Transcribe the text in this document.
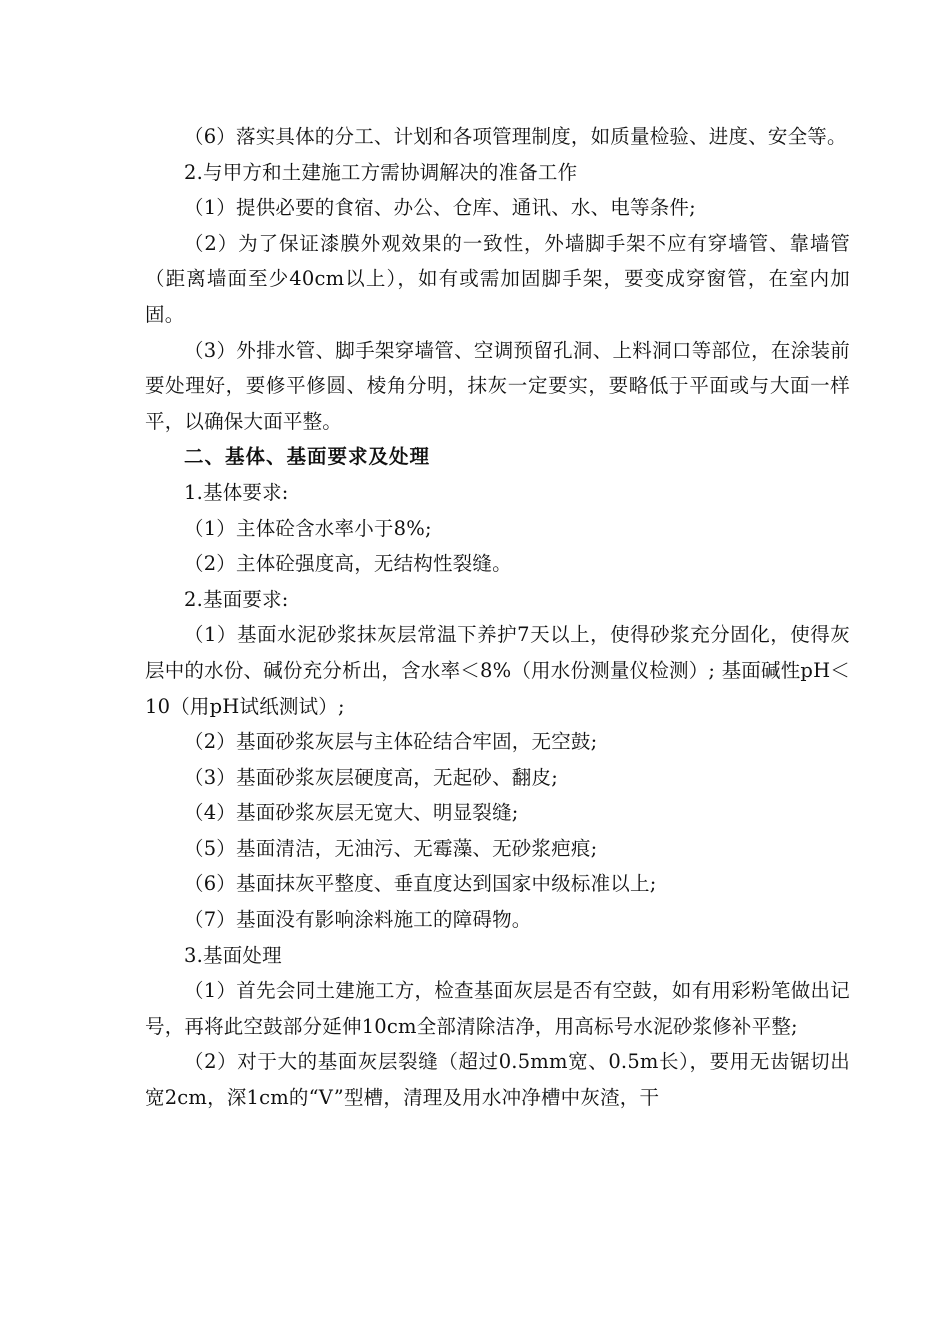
（6）落实具体的分工、计划和各项管理制度，如质量检验、进度、安全等。

2.与甲方和土建施工方需协调解决的准备工作

（1）提供必要的食宿、办公、仓库、通讯、水、电等条件;

（2）为了保证漆膜外观效果的一致性，外墙脚手架不应有穿墙管、靠墙管（距离墙面至少40cm以上），如有或需加固脚手架，要变成穿窗管，在室内加固。

（3）外排水管、脚手架穿墙管、空调预留孔洞、上料洞口等部位，在涂装前要处理好，要修平修圆、棱角分明，抹灰一定要实，要略低于平面或与大面一样平，以确保大面平整。

二、基体、基面要求及处理

1.基体要求:

（1）主体砼含水率小于8%;

（2）主体砼强度高，无结构性裂缝。

2.基面要求:

（1）基面水泥砂浆抹灰层常温下养护7天以上，使得砂浆充分固化，使得灰层中的水份、碱份充分析出，含水率＜8%（用水份测量仪检测）; 基面碱性pH＜10（用pH试纸测试）;

（2）基面砂浆灰层与主体砼结合牢固，无空鼓;

（3）基面砂浆灰层硬度高，无起砂、翻皮;

（4）基面砂浆灰层无宽大、明显裂缝;

（5）基面清洁，无油污、无霉藻、无砂浆疤痕;

（6）基面抹灰平整度、垂直度达到国家中级标准以上;

（7）基面没有影响涂料施工的障碍物。

3.基面处理

（1）首先会同土建施工方，检查基面灰层是否有空鼓，如有用彩粉笔做出记号，再将此空鼓部分延伸10cm全部清除洁净，用高标号水泥砂浆修补平整;

（2）对于大的基面灰层裂缝（超过0.5mm宽、0.5m长），要用无齿锯切出宽2cm，深1cm的“V”型槽，清理及用水冲净槽中灰渣，干
